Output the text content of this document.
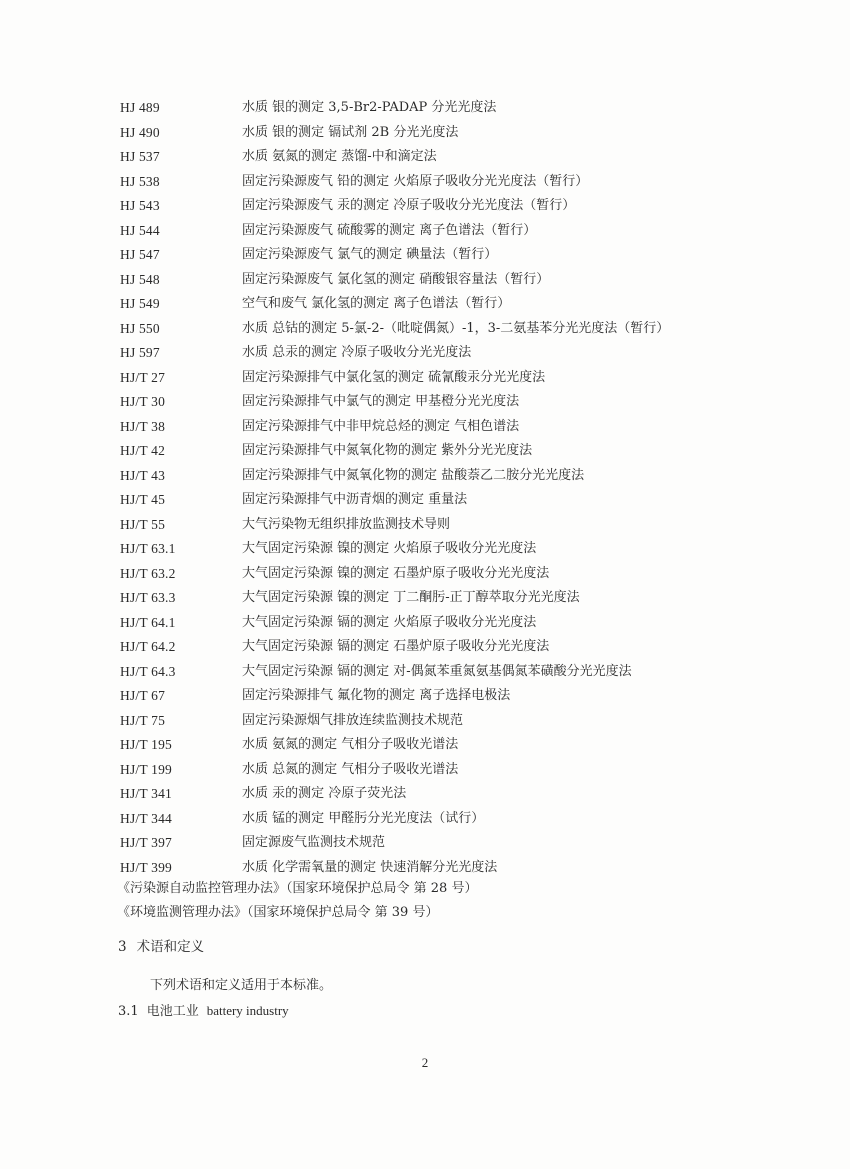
HJ 489	水质 银的测定 3,5-Br2-PADAP 分光光度法
HJ 490	水质 银的测定 镉试剂 2B 分光光度法
HJ 537	水质 氨氮的测定 蒸馏-中和滴定法
HJ 538	固定污染源废气 铅的测定 火焰原子吸收分光光度法（暂行）
HJ 543	固定污染源废气 汞的测定 冷原子吸收分光光度法（暂行）
HJ 544	固定污染源废气 硫酸雾的测定 离子色谱法（暂行）
HJ 547	固定污染源废气 氯气的测定 碘量法（暂行）
HJ 548	固定污染源废气 氯化氢的测定 硝酸银容量法（暂行）
HJ 549	空气和废气 氯化氢的测定 离子色谱法（暂行）
HJ 550	水质 总钴的测定 5-氯-2-（吡啶偶氮）-1，3-二氨基苯分光光度法（暂行）
HJ 597	水质 总汞的测定 冷原子吸收分光光度法
HJ/T 27	固定污染源排气中氯化氢的测定 硫氰酸汞分光光度法
HJ/T 30	固定污染源排气中氯气的测定 甲基橙分光光度法
HJ/T 38	固定污染源排气中非甲烷总烃的测定 气相色谱法
HJ/T 42	固定污染源排气中氮氧化物的测定 紫外分光光度法
HJ/T 43	固定污染源排气中氮氧化物的测定 盐酸萘乙二胺分光光度法
HJ/T 45	固定污染源排气中沥青烟的测定 重量法
HJ/T 55	大气污染物无组织排放监测技术导则
HJ/T 63.1	大气固定污染源 镍的测定 火焰原子吸收分光光度法
HJ/T 63.2	大气固定污染源 镍的测定 石墨炉原子吸收分光光度法
HJ/T 63.3	大气固定污染源 镍的测定 丁二酮肟-正丁醇萃取分光光度法
HJ/T 64.1	大气固定污染源 镉的测定 火焰原子吸收分光光度法
HJ/T 64.2	大气固定污染源 镉的测定 石墨炉原子吸收分光光度法
HJ/T 64.3	大气固定污染源 镉的测定 对-偶氮苯重氮氨基偶氮苯磺酸分光光度法
HJ/T 67	固定污染源排气 氟化物的测定 离子选择电极法
HJ/T 75	固定污染源烟气排放连续监测技术规范
HJ/T 195	水质 氨氮的测定 气相分子吸收光谱法
HJ/T 199	水质 总氮的测定 气相分子吸收光谱法
HJ/T 341	水质 汞的测定 冷原子荧光法
HJ/T 344	水质 锰的测定 甲醛肟分光光度法（试行）
HJ/T 397	固定源废气监测技术规范
HJ/T 399	水质 化学需氧量的测定 快速消解分光光度法
《污染源自动监控管理办法》（国家环境保护总局令 第 28 号）
《环境监测管理办法》（国家环境保护总局令 第 39 号）
3 术语和定义
下列术语和定义适用于本标准。
3.1 电池工业 battery industry
2
